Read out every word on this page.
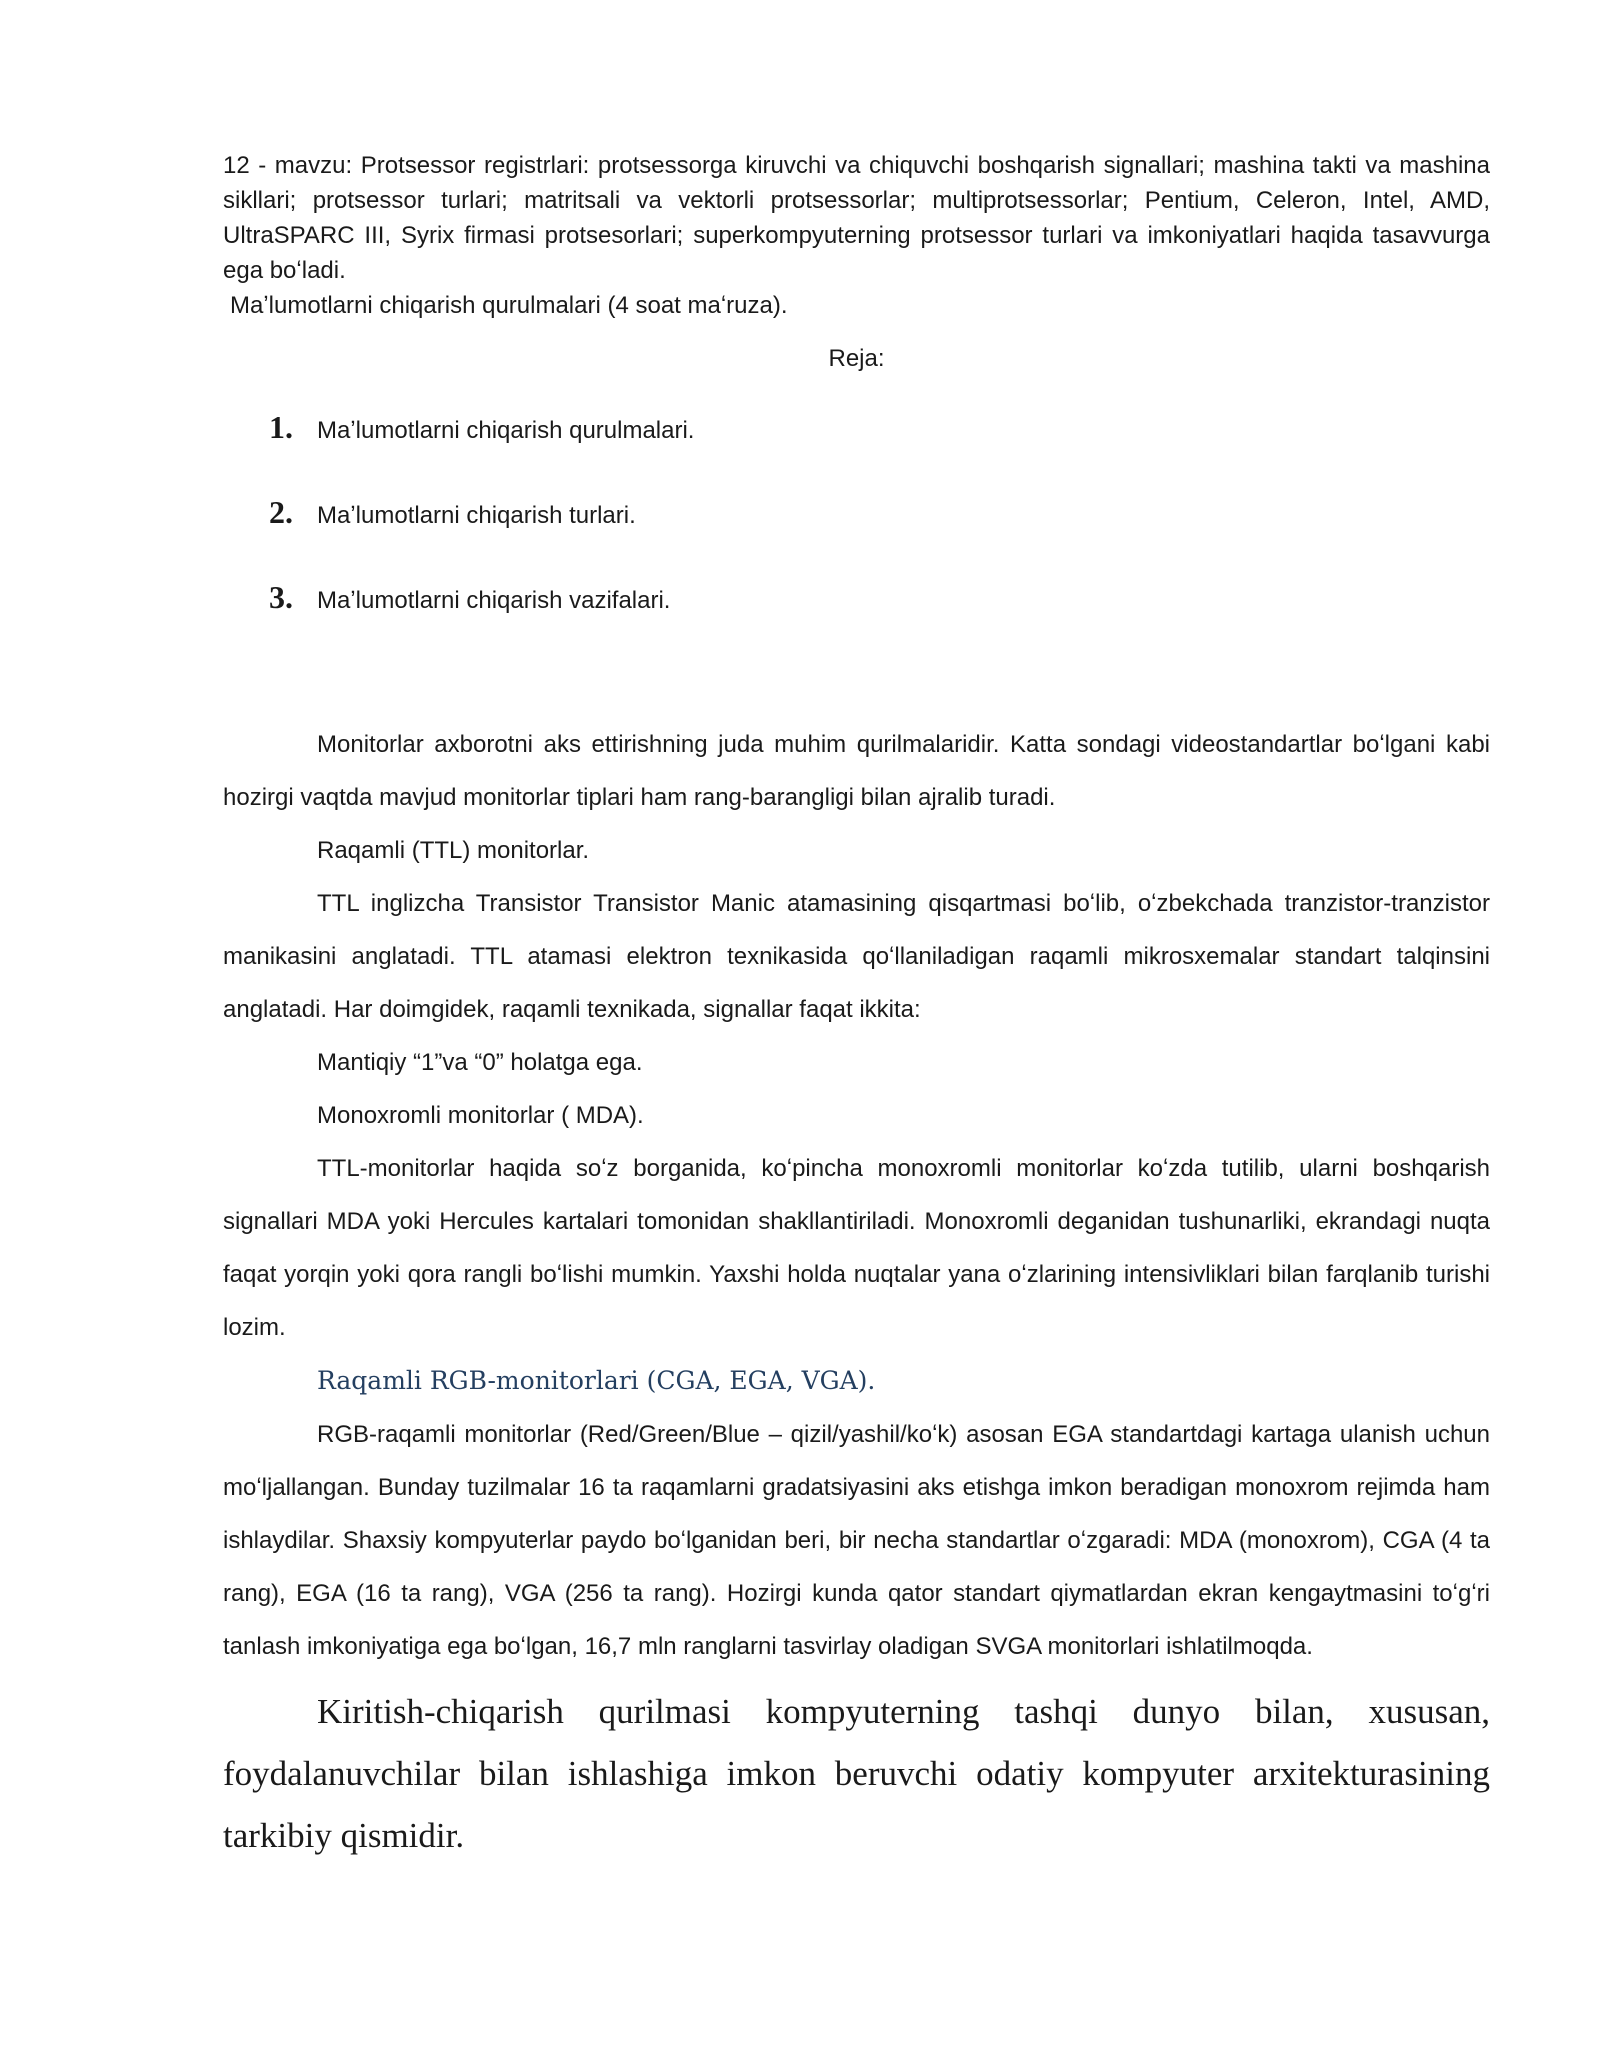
12 - mavzu: Protsessor registrlari: protsessorga kiruvchi va chiquvchi boshqarish signallari; mashina takti va mashina sikllari; protsessor turlari; matritsali va vektorli protsessorlar; multiprotsessorlar; Pentium, Celeron, Intel, AMD, UltraSPARC III, Syrix firmasi protsesorlari; superkompyuterning protsessor turlari va imkoniyatlari haqida tasavvurga ega boʻladi.

Maʼlumotlarni chiqarish qurulmalari (4 soat maʻruza).

Reja:

1.	Maʼlumotlarni chiqarish qurulmalari.
2.	Maʼlumotlarni chiqarish turlari.
3.	Maʼlumotlarni chiqarish vazifalari.

Monitorlar axborotni aks ettirishning juda muhim qurilmalaridir. Katta sondagi videostandartlar boʻlgani kabi hozirgi vaqtda mavjud monitorlar tiplari ham rang-barangligi bilan ajralib turadi.

Raqamli (TTL) monitorlar.

TTL inglizcha Transistor Transistor Manic atamasining qisqartmasi boʻlib, oʻzbekchada tranzistor-tranzistor manikasini anglatadi. TTL atamasi elektron texnikasida qoʻllaniladigan raqamli mikrosxemalar standart talqinsini anglatadi. Har doimgidek, raqamli texnikada, signallar faqat ikkita:

Mantiqiy “1”va “0” holatga ega.

Monoxromli monitorlar ( MDA).

TTL-monitorlar haqida soʻz borganida, koʻpincha monoxromli monitorlar koʻzda tutilib, ularni boshqarish signallari MDA yoki Hercules kartalari tomonidan shakllantiriladi. Monoxromli deganidan tushunarliki, ekrandagi nuqta faqat yorqin yoki qora rangli boʻlishi mumkin. Yaxshi holda nuqtalar yana oʻzlarining intensivliklari bilan farqlanib turishi lozim.

Raqamli RGB-monitorlari (CGA, EGA, VGA).

RGB-raqamli monitorlar (Red/Green/Blue – qizil/yashil/koʻk) asosan EGA standartdagi kartaga ulanish uchun moʻljallangan. Bunday tuzilmalar 16 ta raqamlarni gradatsiyasini aks etishga imkon beradigan monoxrom rejimda ham ishlaydilar. Shaxsiy kompyuterlar paydo boʻlganidan beri, bir necha standartlar oʻzgaradi: MDA (monoxrom), CGA (4 ta rang), EGA (16 ta rang), VGA (256 ta rang). Hozirgi kunda qator standart qiymatlardan ekran kengaytmasini toʻgʻri tanlash imkoniyatiga ega boʻlgan, 16,7 mln ranglarni tasvirlay oladigan SVGA monitorlari ishlatilmoqda.

Kiritish-chiqarish qurilmasi kompyuterning tashqi dunyo bilan, xususan, foydalanuvchilar bilan ishlashiga imkon beruvchi odatiy kompyuter arxitekturasining tarkibiy qismidir.
